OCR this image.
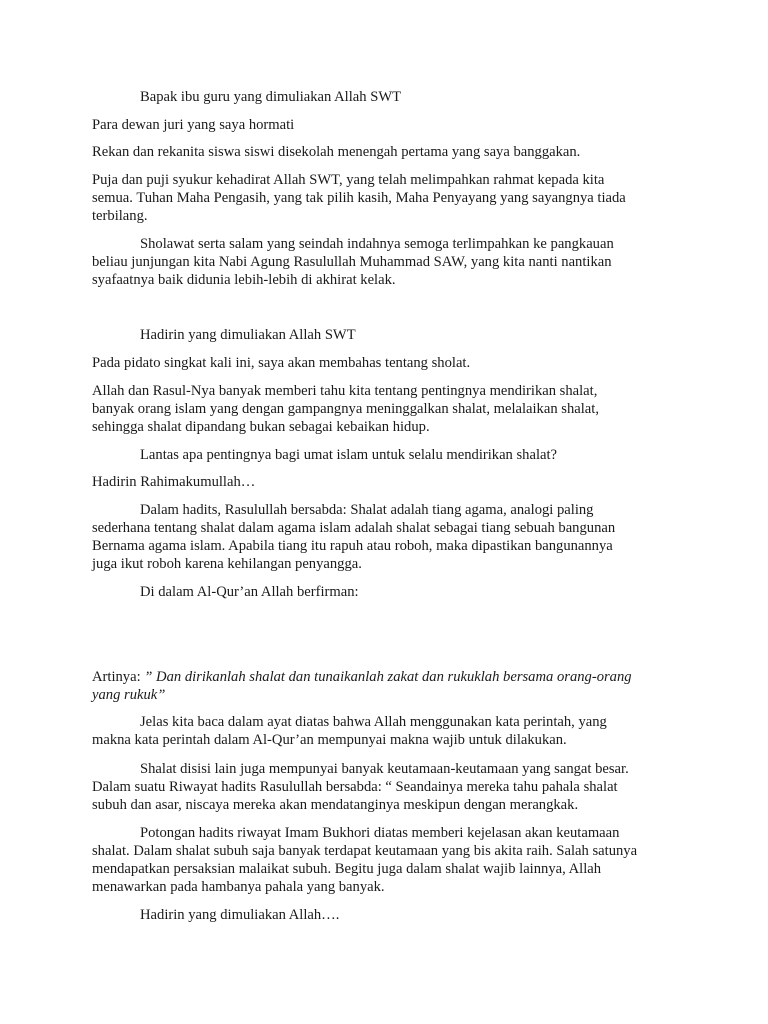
Bapak ibu guru yang dimuliakan Allah SWT

Para dewan juri yang saya hormati

Rekan dan rekanita siswa siswi disekolah menengah pertama yang saya banggakan.

Puja dan puji syukur kehadirat Allah SWT, yang telah melimpahkan rahmat kepada kita
semua. Tuhan Maha Pengasih, yang tak pilih kasih, Maha Penyayang yang sayangnya tiada
terbilang.

Sholawat serta salam yang seindah indahnya semoga terlimpahkan ke pangkauan
beliau junjungan kita Nabi Agung Rasulullah Muhammad SAW, yang kita nanti nantikan
syafaatnya baik didunia lebih-lebih di akhirat kelak.

Hadirin yang dimuliakan Allah SWT

Pada pidato singkat kali ini, saya akan membahas tentang sholat.

Allah dan Rasul-Nya banyak memberi tahu kita tentang pentingnya mendirikan shalat,
banyak orang islam yang dengan gampangnya meninggalkan shalat, melalaikan shalat,
sehingga shalat dipandang bukan sebagai kebaikan hidup.

Lantas apa pentingnya bagi umat islam untuk selalu mendirikan shalat?

Hadirin Rahimakumullah…

Dalam hadits, Rasulullah bersabda: Shalat adalah tiang agama, analogi paling
sederhana tentang shalat dalam agama islam adalah shalat sebagai tiang sebuah bangunan
Bernama agama islam. Apabila tiang itu rapuh atau roboh, maka dipastikan bangunannya
juga ikut roboh karena kehilangan penyangga.

Di dalam Al-Qur’an Allah berfirman:

Artinya: ” Dan dirikanlah shalat dan tunaikanlah zakat dan rukuklah bersama orang-orang
yang rukuk”

Jelas kita baca dalam ayat diatas bahwa Allah menggunakan kata perintah, yang
makna kata perintah dalam Al-Qur’an mempunyai makna wajib untuk dilakukan.

Shalat disisi lain juga mempunyai banyak keutamaan-keutamaan yang sangat besar.
Dalam suatu Riwayat hadits Rasulullah bersabda: “ Seandainya mereka tahu pahala shalat
subuh dan asar, niscaya mereka akan mendatanginya meskipun dengan merangkak.

Potongan hadits riwayat Imam Bukhori diatas memberi kejelasan akan keutamaan
shalat. Dalam shalat subuh saja banyak terdapat keutamaan yang bis akita raih. Salah satunya
mendapatkan persaksian malaikat subuh. Begitu juga dalam shalat wajib lainnya, Allah
menawarkan pada hambanya pahala yang banyak.

Hadirin yang dimuliakan Allah….
